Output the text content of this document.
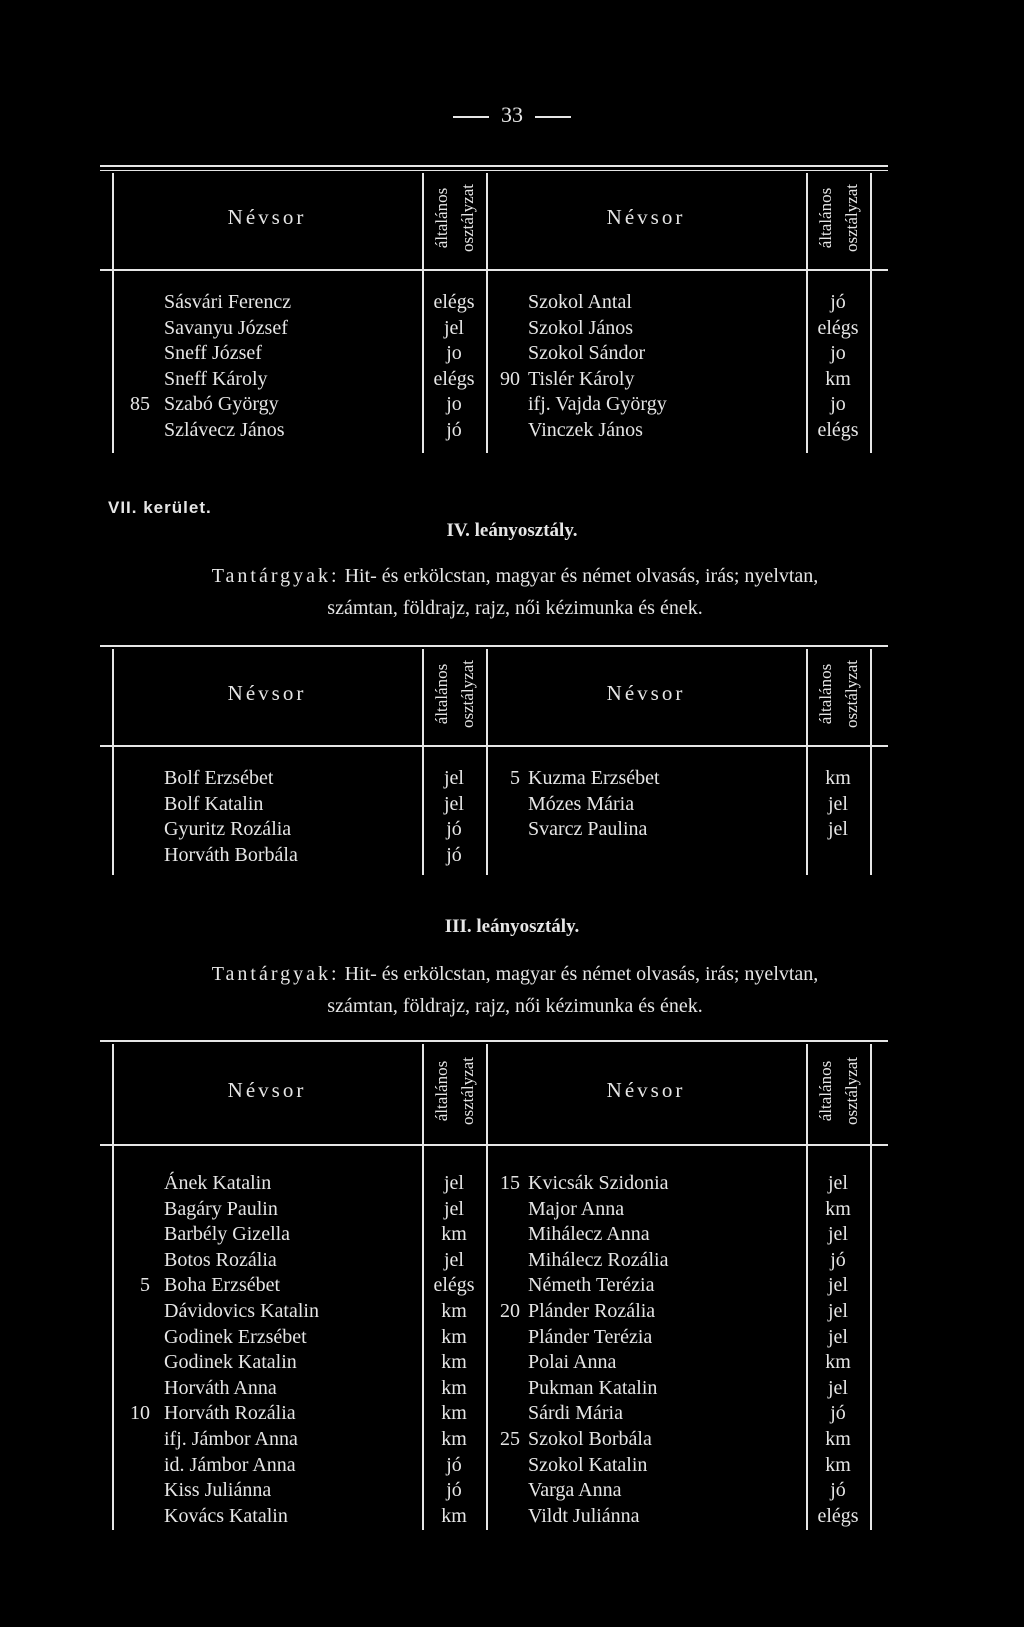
33
Névsor	általános osztályzat	Névsor	általános osztályzat
Sásvári Ferencz	elégs	Szokol Antal	jó
Savanyu József	jel	Szokol János	elégs
Sneff József	jo	Szokol Sándor	jo
Sneff Károly	elégs	90 Tislér Károly	km
85 Szabó György	jo	ifj. Vajda György	jo
Szlávecz János	jó	Vinczek János	elégs
VII. kerület.
IV. leányosztály.
Tantárgyak: Hit- és erkölcstan, magyar és német olvasás, irás; nyelvtan,
számtan, földrajz, rajz, női kézimunka és ének.
Névsor	általános osztályzat	Névsor	általános osztályzat
Bolf Erzsébet	jel	5 Kuzma Erzsébet	km
Bolf Katalin	jel	Mózes Mária	jel
Gyuritz Rozália	jó	Svarcz Paulina	jel
Horváth Borbála	jó
III. leányosztály.
Tantárgyak: Hit- és erkölcstan, magyar és német olvasás, irás; nyelvtan,
számtan, földrajz, rajz, női kézimunka és ének.
Névsor	általános osztályzat	Névsor	általános osztályzat
Ánek Katalin	jel	15 Kvicsák Szidonia	jel
Bagáry Paulin	jel	Major Anna	km
Barbély Gizella	km	Mihálecz Anna	jel
Botos Rozália	jel	Mihálecz Rozália	jó
5 Boha Erzsébet	elégs	Németh Terézia	jel
Dávidovics Katalin	km	20 Plánder Rozália	jel
Godinek Erzsébet	km	Plánder Terézia	jel
Godinek Katalin	km	Polai Anna	km
Horváth Anna	km	Pukman Katalin	jel
10 Horváth Rozália	km	Sárdi Mária	jó
ifj. Jámbor Anna	km	25 Szokol Borbála	km
id. Jámbor Anna	jó	Szokol Katalin	km
Kiss Juliánna	jó	Varga Anna	jó
Kovács Katalin	km	Vildt Juliánna	elégs
